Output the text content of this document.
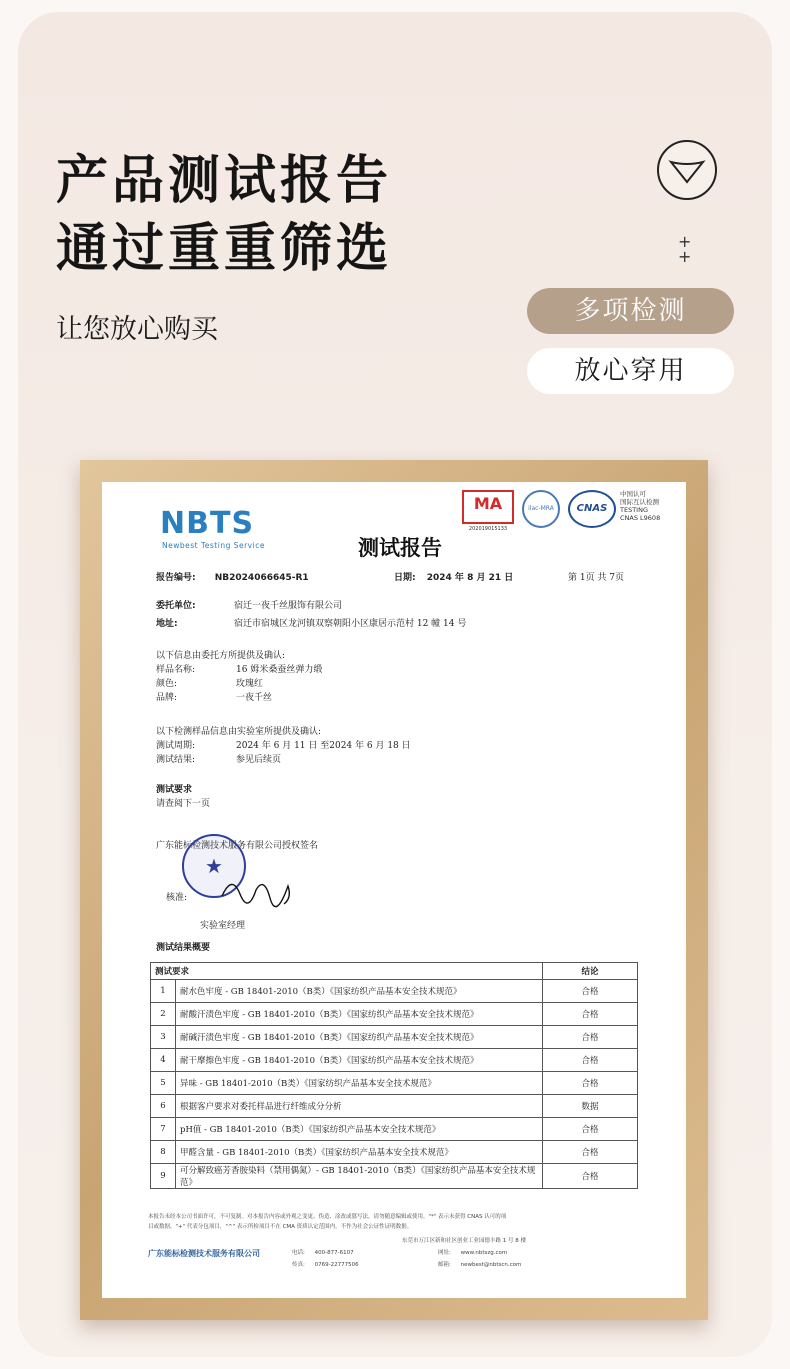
产品测试报告
通过重重筛选
让您放心购买
+
+
多项检测
放心穿用
NBTS
Newbest Testing Service
MA
202019015133
ilac-MRA	CNAS
中国认可
国际互认检测
TESTING
CNAS L9608
测试报告
报告编号: NB2024066645-R1	日期: 2024 年 8 月 21 日	第 1页 共 7页
委托单位:	宿迁一夜千丝服饰有限公司
地址:	宿迁市宿城区龙河镇双察朝阳小区康居示范村 12 幢 14 号
以下信息由委托方所提供及确认:
样品名称:	16 姆米桑蚕丝弹力缎
颜色:	玫瑰红
品牌:	一夜千丝
以下检测样品信息由实验室所提供及确认:
测试周期:	2024 年 6 月 11 日 至2024 年 6 月 18 日
测试结果:	参见后续页
测试要求
请查阅下一页
广东能标检测技术服务有限公司授权签名
★
核准:
实验室经理
测试结果概要
测试要求		结论
1	耐水色牢度 - GB 18401-2010（B类）《国家纺织产品基本安全技术规范》	合格
2	耐酸汗渍色牢度 - GB 18401-2010（B类）《国家纺织产品基本安全技术规范》	合格
3	耐碱汗渍色牢度 - GB 18401-2010（B类）《国家纺织产品基本安全技术规范》	合格
4	耐干摩擦色牢度 - GB 18401-2010（B类）《国家纺织产品基本安全技术规范》	合格
5	异味 - GB 18401-2010（B类）《国家纺织产品基本安全技术规范》	合格
6	根据客户要求对委托样品进行纤维成分分析	数据
7	pH值 - GB 18401-2010（B类）《国家纺织产品基本安全技术规范》	合格
8	甲醛含量 - GB 18401-2010（B类）《国家纺织产品基本安全技术规范》	合格
9	可分解致癌芳香胺染料（禁用偶氮）- GB 18401-2010（B类）《国家纺织产品基本安全技术规范》	合格
本报告未经本公司书面许可，不可复制。对本报告内容或外观之变更、伪造、涂改或篡写法，请勿随意编辑或使用。"*" 表示未获得 CNAS 认可的项
目或数据，"+" 代表分包项目，"^" 表示所检项目不在 CMA 资质认定范围内，不作为社会公证性证明数据。
东莞市万江区新和社区创业工业园德丰路 1 号 8 楼
广东能标检测技术服务有限公司	电话: 400-877-6107	网址: www.nbtszg.com
传真: 0769-22777506	邮箱: newbest@nbtscn.com
